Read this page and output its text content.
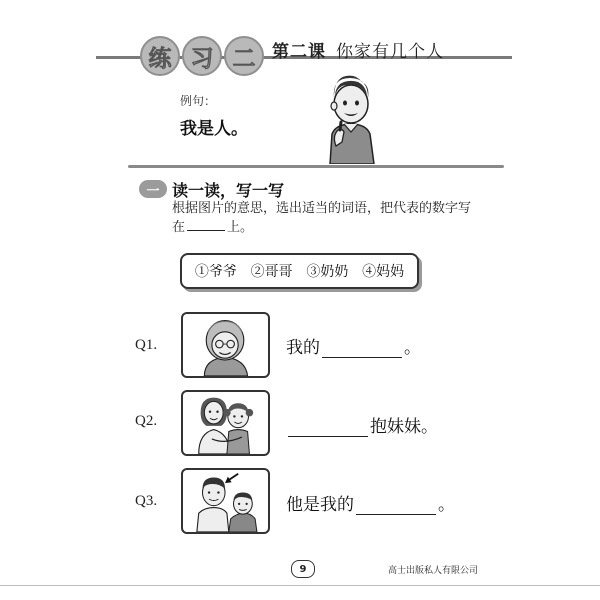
练 习 二 第二课 你家有几个人
例句：
我是人。
一 读一读，写一写
根据图片的意思，选出适当的词语，把代表的数字写在	上。
①爷爷 ②哥哥 ③奶奶 ④妈妈
Q1.	我的	。
Q2.	抱妹妹。
Q3.	他是我的	。
9	高士出版私人有限公司
